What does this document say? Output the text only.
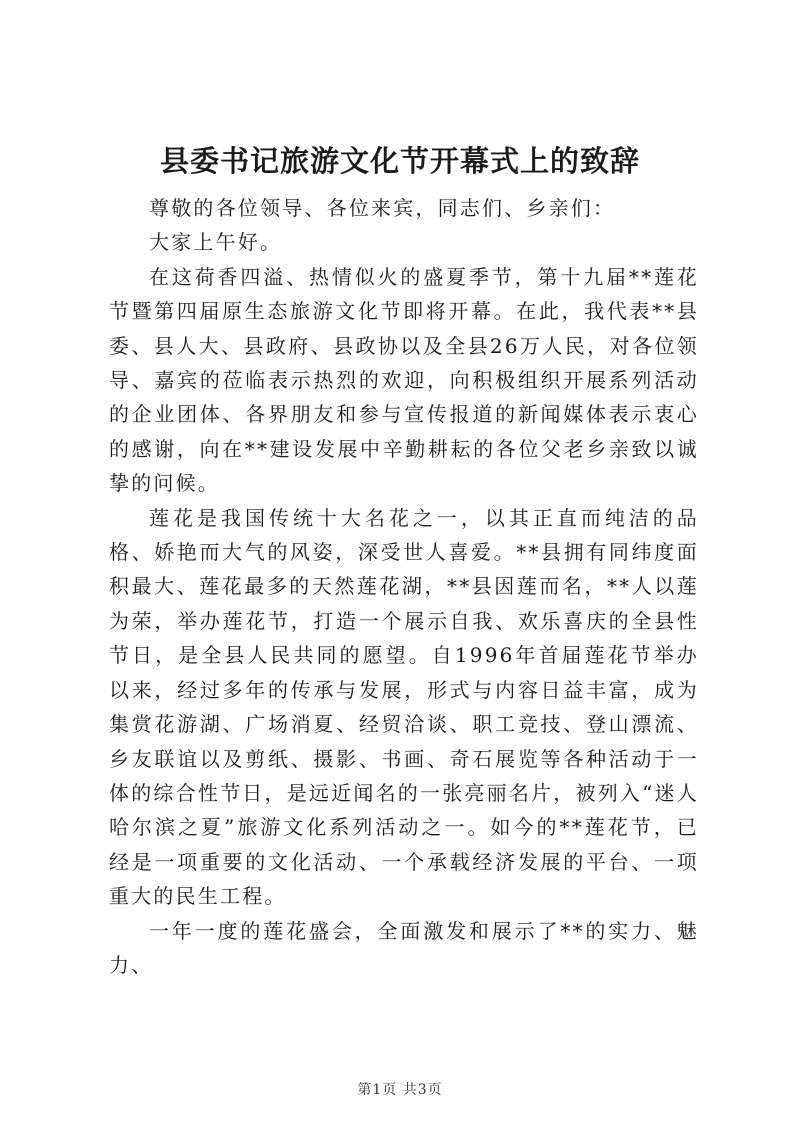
县委书记旅游文化节开幕式上的致辞

尊敬的各位领导、各位来宾，同志们、乡亲们：

大家上午好。

在这荷香四溢、热情似火的盛夏季节，第十九届**莲花节暨第四届原生态旅游文化节即将开幕。在此，我代表**县委、县人大、县政府、县政协以及全县26万人民，对各位领导、嘉宾的莅临表示热烈的欢迎，向积极组织开展系列活动的企业团体、各界朋友和参与宣传报道的新闻媒体表示衷心的感谢，向在**建设发展中辛勤耕耘的各位父老乡亲致以诚挚的问候。

莲花是我国传统十大名花之一，以其正直而纯洁的品格、娇艳而大气的风姿，深受世人喜爱。**县拥有同纬度面积最大、莲花最多的天然莲花湖，**县因莲而名，**人以莲为荣，举办莲花节，打造一个展示自我、欢乐喜庆的全县性节日，是全县人民共同的愿望。自1996年首届莲花节举办以来，经过多年的传承与发展，形式与内容日益丰富，成为集赏花游湖、广场消夏、经贸洽谈、职工竞技、登山漂流、乡友联谊以及剪纸、摄影、书画、奇石展览等各种活动于一体的综合性节日，是远近闻名的一张亮丽名片，被列入“迷人哈尔滨之夏”旅游文化系列活动之一。如今的**莲花节，已经是一项重要的文化活动、一个承载经济发展的平台、一项重大的民生工程。

一年一度的莲花盛会，全面激发和展示了**的实力、魅力、

第1页 共3页
